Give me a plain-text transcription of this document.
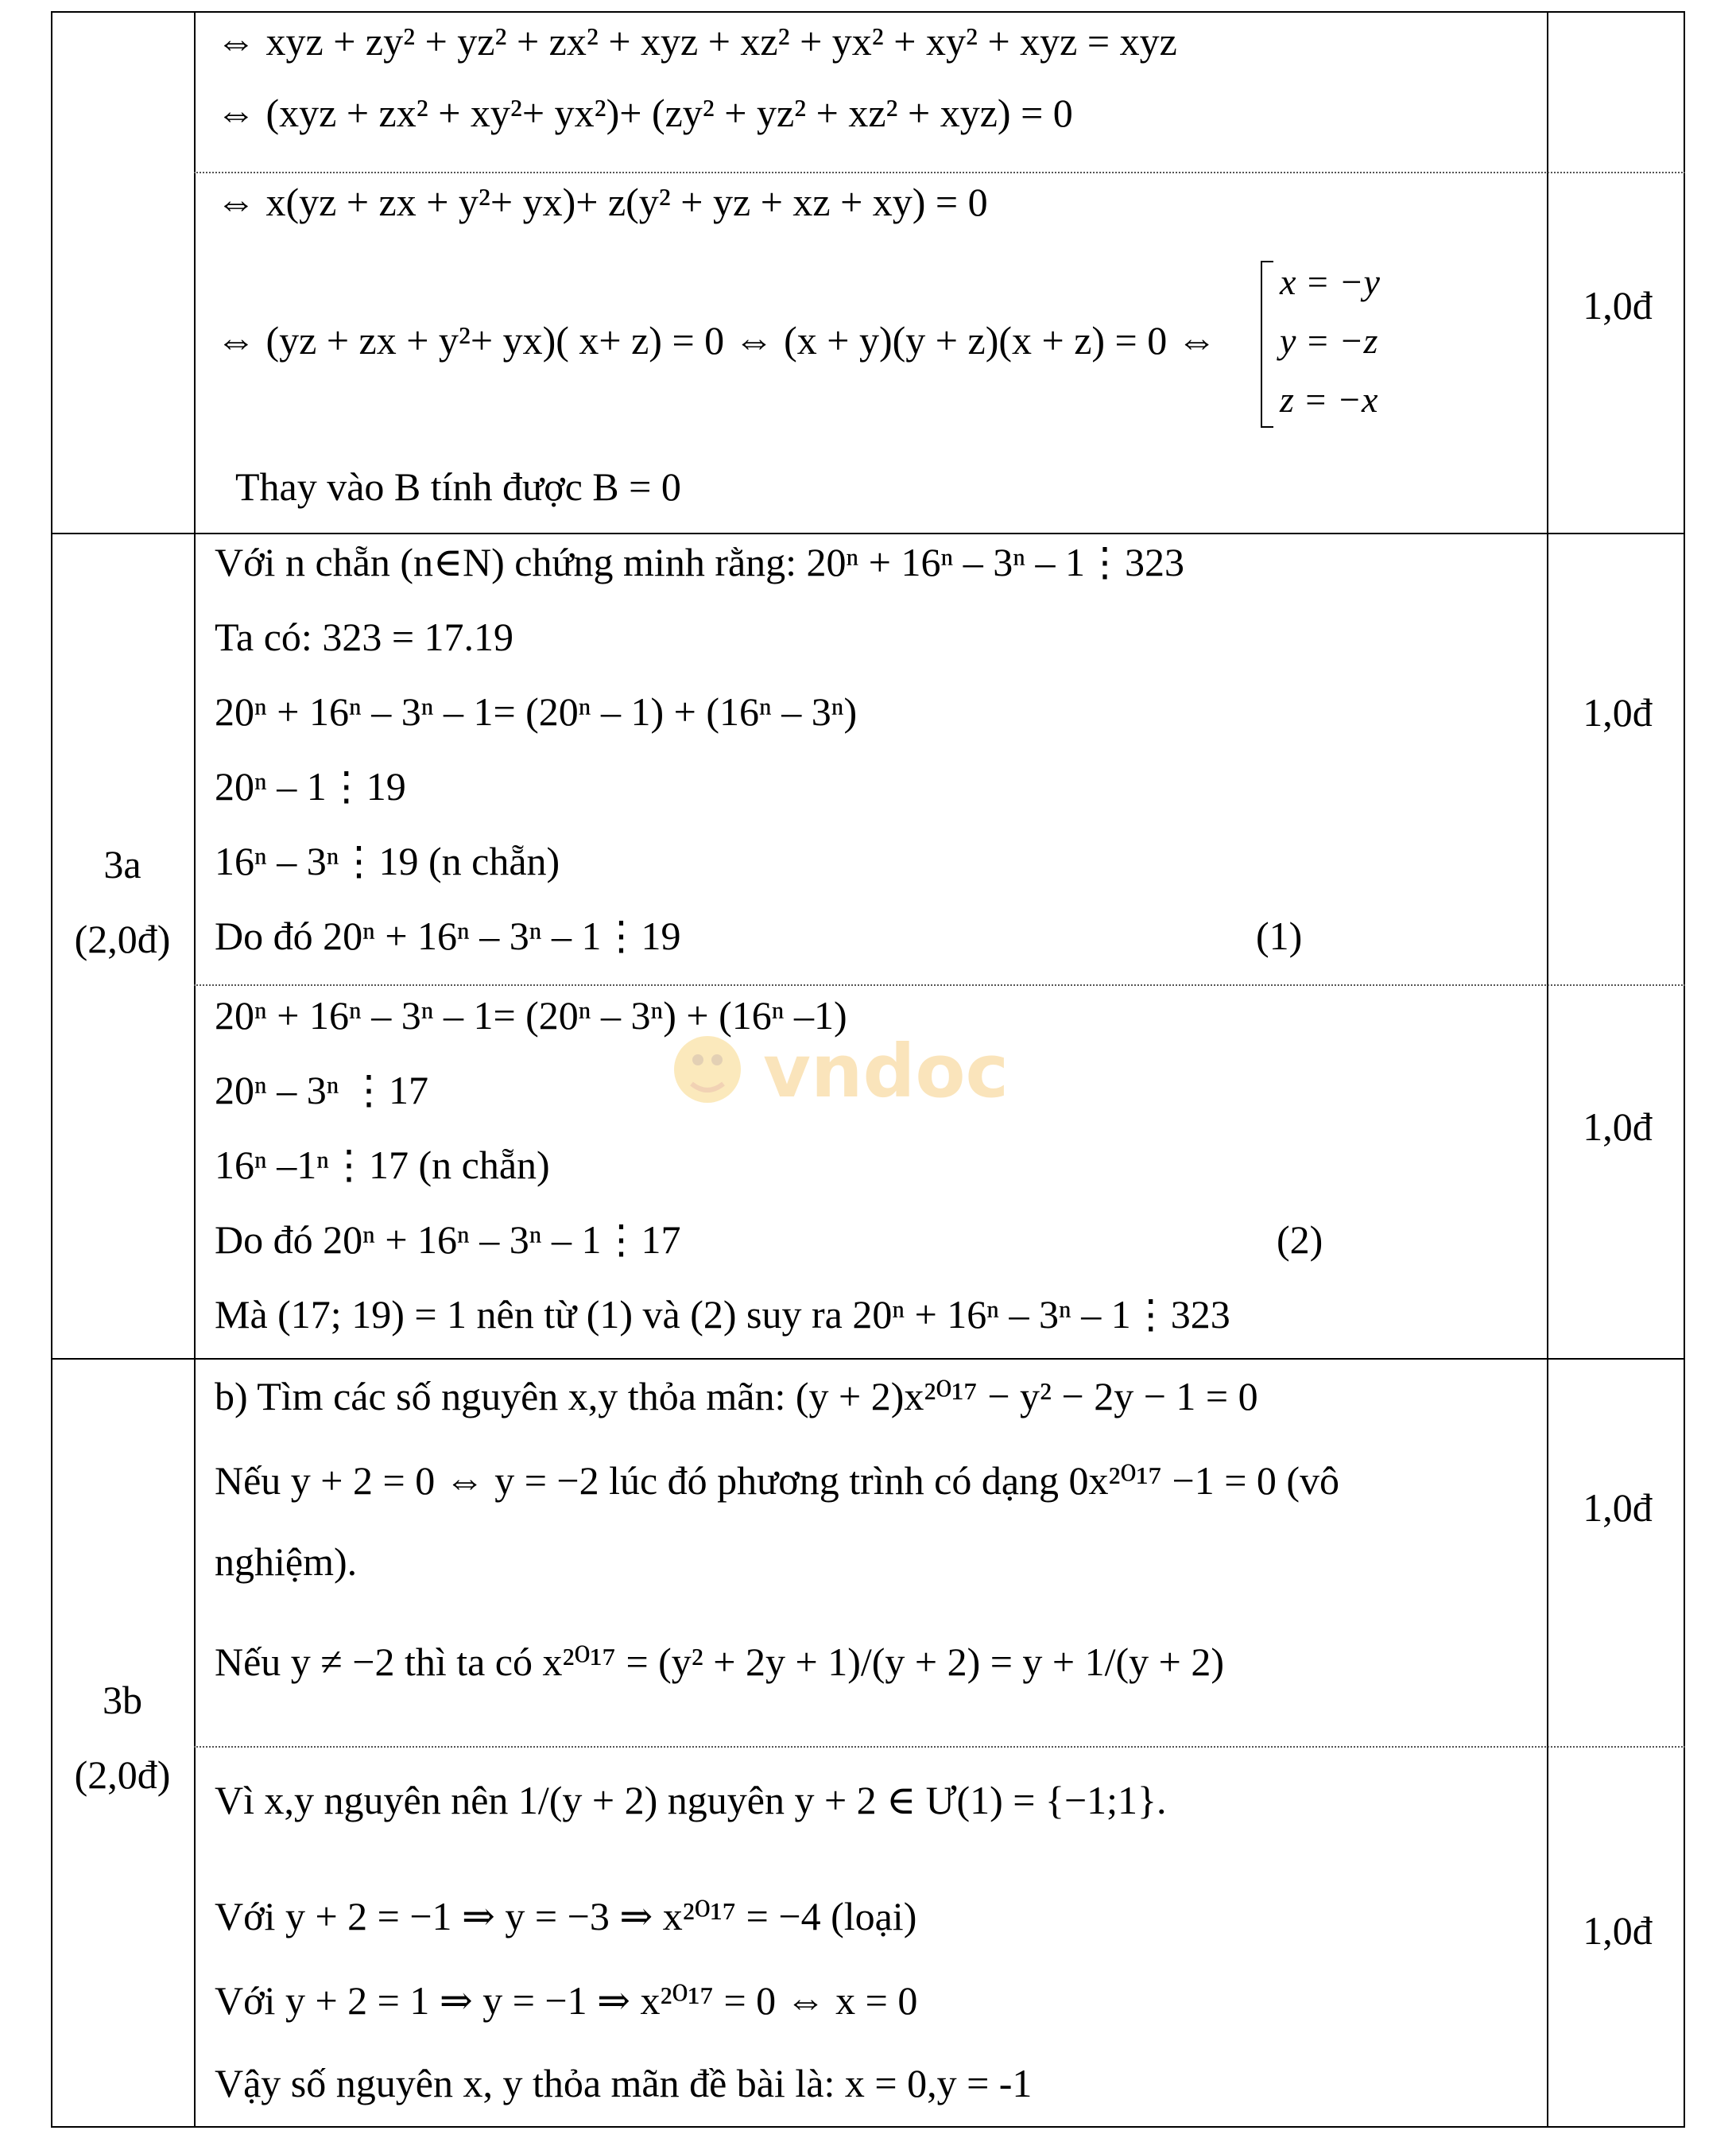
⇔ xyz + zy² + yz² + zx² + xyz + xz² + yx² + xy² + xyz = xyz
⇔ (xyz + zx² + xy²+ yx²)+ (zy² + yz² + xz² + xyz) = 0
⇔ x(yz + zx + y²+ yx)+ z(y² + yz + xz + xy) = 0
⇔ (yz + zx + y²+ yx)( x+ z) = 0 ⇔ (x + y)(y + z)(x + z) = 0 ⇔
x = −y
y = −z
z = −x
Thay vào B tính được B = 0
1,0đ
3a
(2,0đ)
Với n chẵn (n∈N) chứng minh rằng: 20ⁿ + 16ⁿ – 3ⁿ – 1⋮323
Ta có: 323 = 17.19
20ⁿ + 16ⁿ – 3ⁿ – 1= (20ⁿ – 1) + (16ⁿ – 3ⁿ)
20ⁿ – 1⋮19
16ⁿ – 3ⁿ⋮19 (n chẵn)
Do đó 20ⁿ + 16ⁿ – 3ⁿ – 1⋮19	(1)
1,0đ
20ⁿ + 16ⁿ – 3ⁿ – 1= (20ⁿ – 3ⁿ) + (16ⁿ –1)
20ⁿ – 3ⁿ ⋮17
16ⁿ –1ⁿ⋮17 (n chẵn)
Do đó 20ⁿ + 16ⁿ – 3ⁿ – 1⋮17	(2)
Mà (17; 19) = 1 nên từ (1) và (2) suy ra 20ⁿ + 16ⁿ – 3ⁿ – 1⋮323
1,0đ
3b
(2,0đ)
b) Tìm các số nguyên x,y thỏa mãn: (y + 2)x²⁰¹⁷ − y² − 2y − 1 = 0
Nếu y + 2 = 0 ⇔ y = −2 lúc đó phương trình có dạng 0x²⁰¹⁷ −1 = 0 (vô
nghiệm).
Nếu y ≠ −2 thì ta có x²⁰¹⁷ = (y² + 2y + 1)/(y + 2) = y + 1/(y + 2)
1,0đ
Vì x,y nguyên nên 1/(y + 2) nguyên y + 2 ∈ Ư(1) = {−1;1}.
Với y + 2 = −1 ⇒ y = −3 ⇒ x²⁰¹⁷ = −4 (loại)
Với y + 2 = 1 ⇒ y = −1 ⇒ x²⁰¹⁷ = 0 ⇔ x = 0
Vậy số nguyên x, y thỏa mãn đề bài là: x = 0,y = -1
1,0đ
vndoc
